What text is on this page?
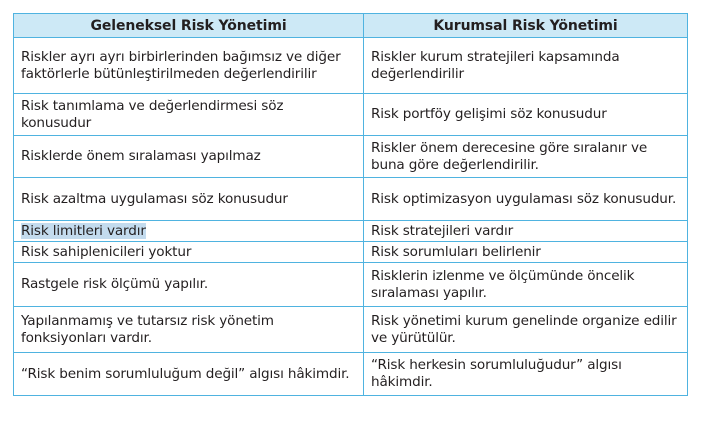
Geleneksel Risk Yönetimi	Kurumsal Risk Yönetimi
Riskler ayrı ayrı birbirlerinden bağımsız ve diğer faktörlerle bütünleştirilmeden değerlendirilir	Riskler kurum stratejileri kapsamında değerlendirilir
Risk tanımlama ve değerlendirmesi söz konusudur	Risk portföy gelişimi söz konusudur
Risklerde önem sıralaması yapılmaz	Riskler önem derecesine göre sıralanır ve buna göre değerlendirilir.
Risk azaltma uygulaması söz konusudur	Risk optimizasyon uygulaması söz konusudur.
Risk limitleri vardır	Risk stratejileri vardır
Risk sahiplenicileri yoktur	Risk sorumluları belirlenir
Rastgele risk ölçümü yapılır.	Risklerin izlenme ve ölçümünde öncelik sıralaması yapılır.
Yapılanmamış ve tutarsız risk yönetim fonksiyonları vardır.	Risk yönetimi kurum genelinde organize edilir ve yürütülür.
“Risk benim sorumluluğum değil” algısı hâkimdir.	“Risk herkesin sorumluluğudur” algısı hâkimdir.
